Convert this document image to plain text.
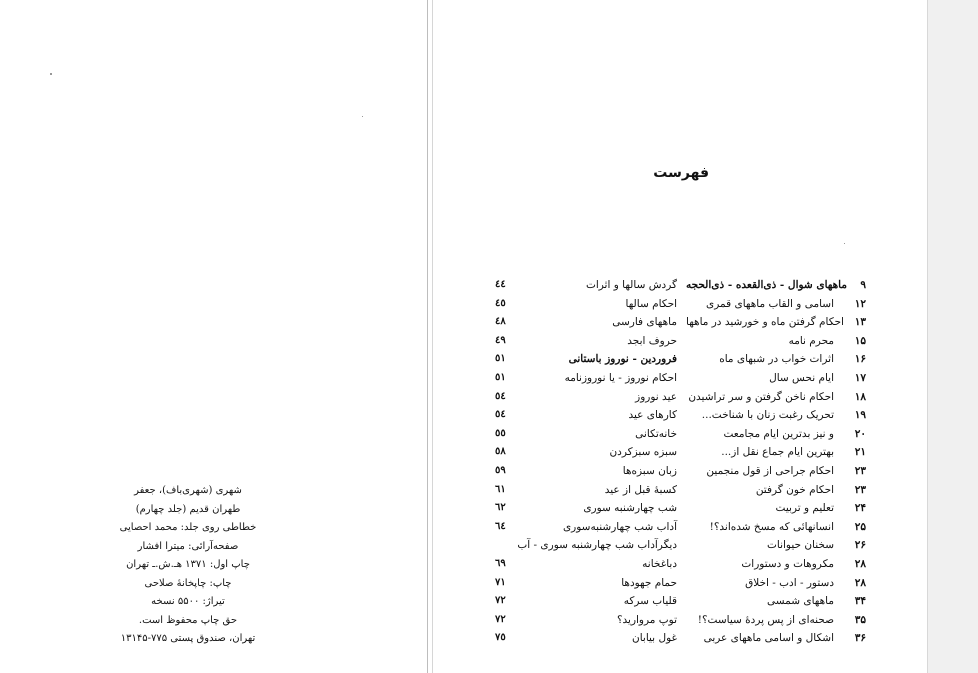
شهری (شهری‌باف)، جعفر
طهران قدیم (جلد چهارم)
خطاطی روی جلد: محمد احصایی
صفحه‌آرائی: میترا افشار
چاپ اول: ۱۳۷۱ هـ.ش.ـ تهران
چاپ: چاپخانهٔ صلاحی
تیراژ: ۵۵۰۰ نسخه
حق چاپ محفوظ است.
تهران، صندوق پستی ۷۷۵-۱۳۱۴۵
فهرست
۹
ماههای شوال - ذی‌القعده - ذی‌الحجه
۱۲
اسامی و القاب ماههای قمری
۱۳
احکام گرفتن ماه و خورشید در ماهها
۱۵
محرم نامه
۱۶
اثرات خواب در شبهای ماه
۱۷
ایام نحس سال
۱۸
احکام ناخن گرفتن و سر تراشیدن
۱۹
تحریک رغبت زنان با شناخت...
۲۰
و نیز بدترین ایام مجامعت
۲۱
بهترین ایام جماع نقل از...
۲۳
احکام جراحی از قول منجمین
۲۳
احکام خون گرفتن
۲۴
تعلیم و تربیت
۲۵
انسانهائی که مسخ شده‌اند؟!
۲۶
سخنان حیوانات
۲۸
مکروهات و دستورات
۲۸
دستور - ادب - اخلاق
۳۴
ماههای شمسی
۳۵
صحنه‌ای از پس پردهٔ سیاست؟!
۳۶
اشکال و اسامی ماههای عربی
گردش سالها و اثرات
احکام سالها
ماههای فارسی
حروف ابجد
فروردین - نوروز باستانی
احکام نوروز - یا نوروزنامه
عید نوروز
کارهای عید
خانه‌تکانی
سبزه سبزکردن
زبان سبزه‌ها
کسبهٔ قبل از عید
شب چهارشنبه سوری
آداب شب چهارشنبه‌سوری
دیگرآداب شب چهارشنبه سوری - آب
دباغخانه
حمام جهودها
قلیاب سرکه
توپ مروارید؟
غول بیابان
٤٤
٤٥
٤٨
٤٩
٥١
٥١
٥٤
٥٤
٥٥
٥٨
٥٩
٦١
٦٢
٦٤
٦٩
٧١
٧٢
٧٢
٧٥
